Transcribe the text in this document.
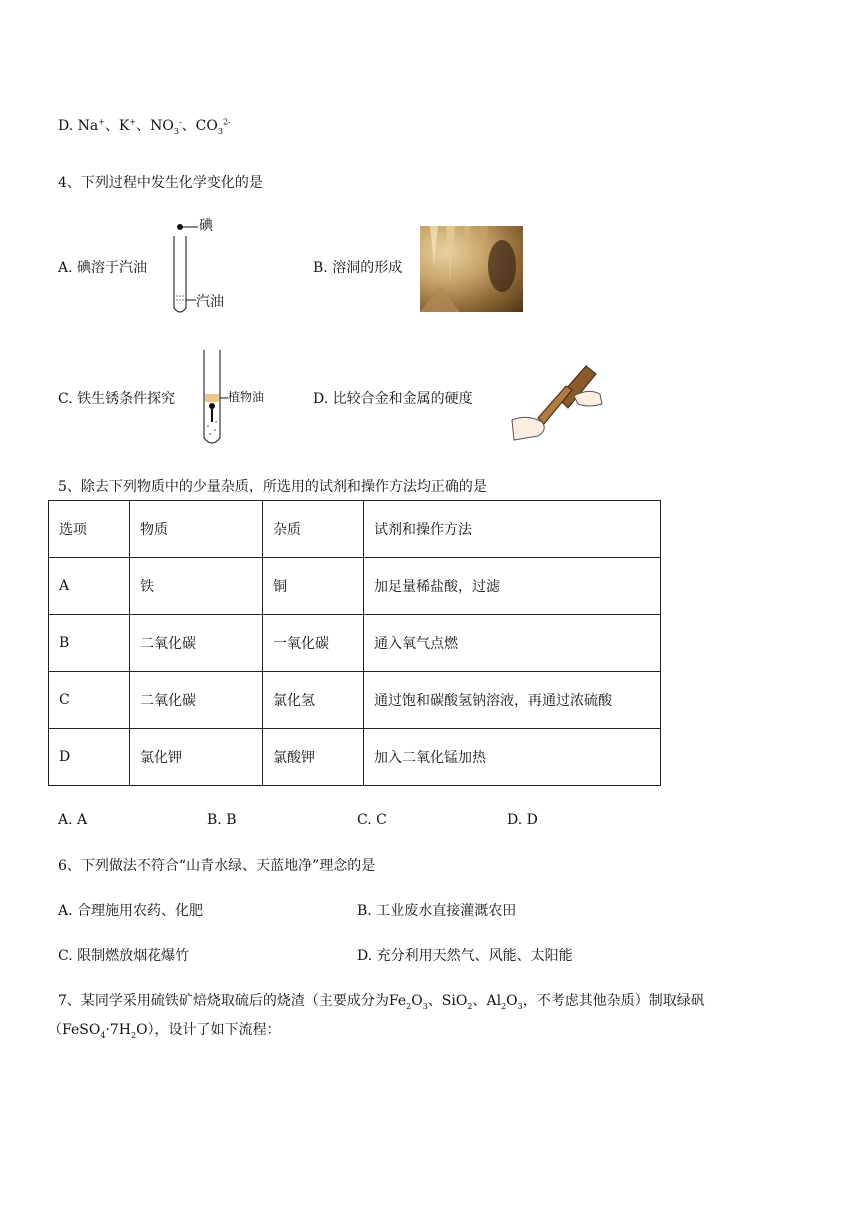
D. Na+、K+、$NO_3^-$、$CO_3^{2-}$
4、下列过程中发生化学变化的是
A. 碘溶于汽油
碘
汽油
B. 溶洞的形成
C. 铁生锈条件探究	植物油	D. 比较合金和金属的硬度
5、除去下列物质中的少量杂质，所选用的试剂和操作方法均正确的是
选项	物质	杂质	试剂和操作方法
A	铁	铜	加足量稀盐酸，过滤
B	二氧化碳	一氧化碳	通入氧气点燃
C	二氧化碳	氯化氢	通过饱和碳酸氢钠溶液，再通过浓硫酸
D	氯化钾	氯酸钾	加入二氧化锰加热
A. A	B. B	C. C	D. D
6、下列做法不符合“山青水绿、天蓝地净”理念的是
A. 合理施用农药、化肥	B. 工业废水直接灌溉农田
C. 限制燃放烟花爆竹	D. 充分利用天然气、风能、太阳能
7、某同学采用硫铁矿焙烧取硫后的烧渣（主要成分为$Fe_2O_3$、SiO$_2$、$Al_2O_3$，不考虑其他杂质）制取绿矾
$(FeSO_4\cdot 7H_2O)$，设计了如下流程：
